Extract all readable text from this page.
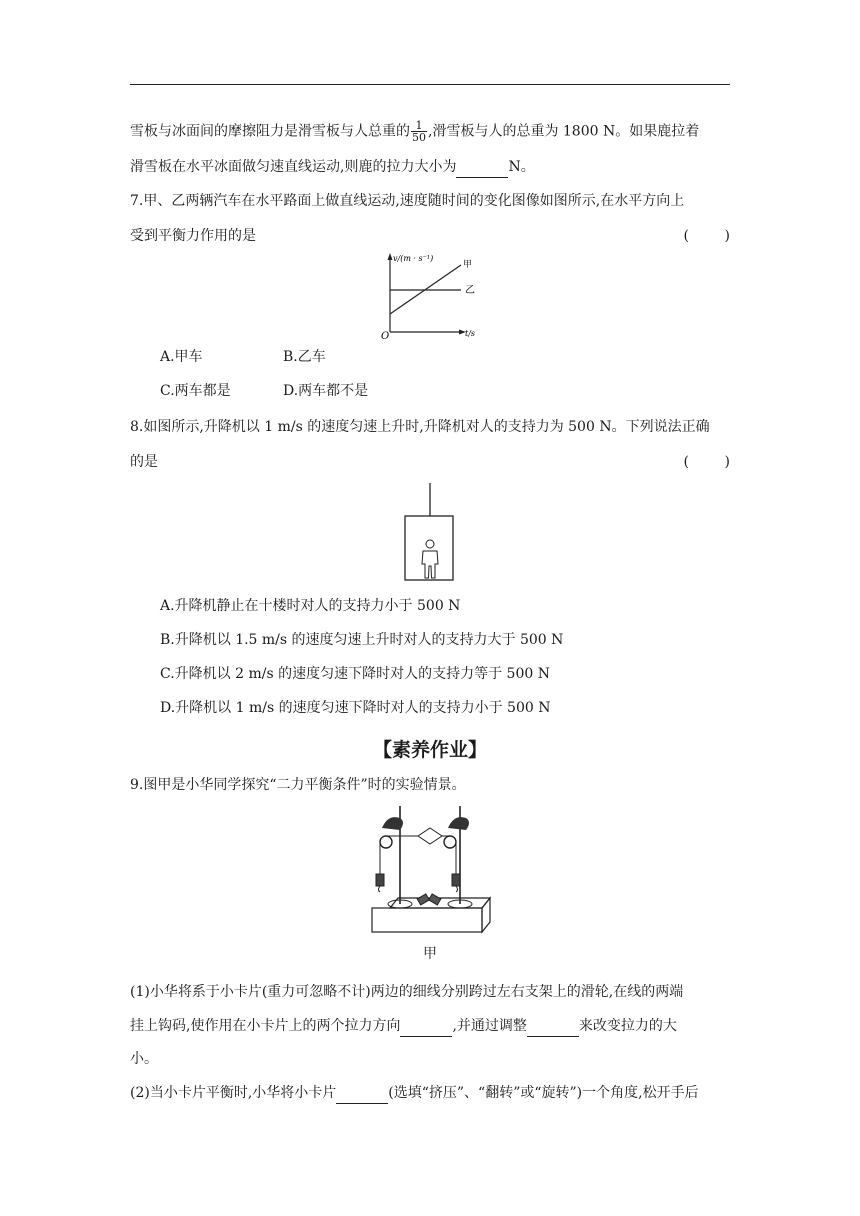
雪板与冰面间的摩擦阻力是滑雪板与人总重的 $\frac{1}{50}$ ,滑雪板与人的总重为 1800 N。如果鹿拉着
滑雪板在水平冰面做匀速直线运动,则鹿的拉力大小为	N。
7.甲、乙两辆汽车在水平路面上做直线运动,速度随时间的变化图像如图所示,在水平方向上
受到平衡力作用的是	(        )
v/(m · s⁻¹)
甲
乙
O	t/s
A.甲车	B.乙车
C.两车都是	D.两车都不是
8.如图所示,升降机以 1 m/s 的速度匀速上升时,升降机对人的支持力为 500 N。下列说法正确
的是	(        )
A.升降机静止在十楼时对人的支持力小于 500 N
B.升降机以 1.5 m/s 的速度匀速上升时对人的支持力大于 500 N
C.升降机以 2 m/s 的速度匀速下降时对人的支持力等于 500 N
D.升降机以 1 m/s 的速度匀速下降时对人的支持力小于 500 N
【素养作业】
9.图甲是小华同学探究“二力平衡条件”时的实验情景。
甲
(1)小华将系于小卡片(重力可忽略不计)两边的细线分别跨过左右支架上的滑轮,在线的两端
挂上钩码,使作用在小卡片上的两个拉力方向	,并通过调整	来改变拉力的大
小。
(2)当小卡片平衡时,小华将小卡片	(选填“挤压”、“翻转”或“旋转”)一个角度,松开手后
